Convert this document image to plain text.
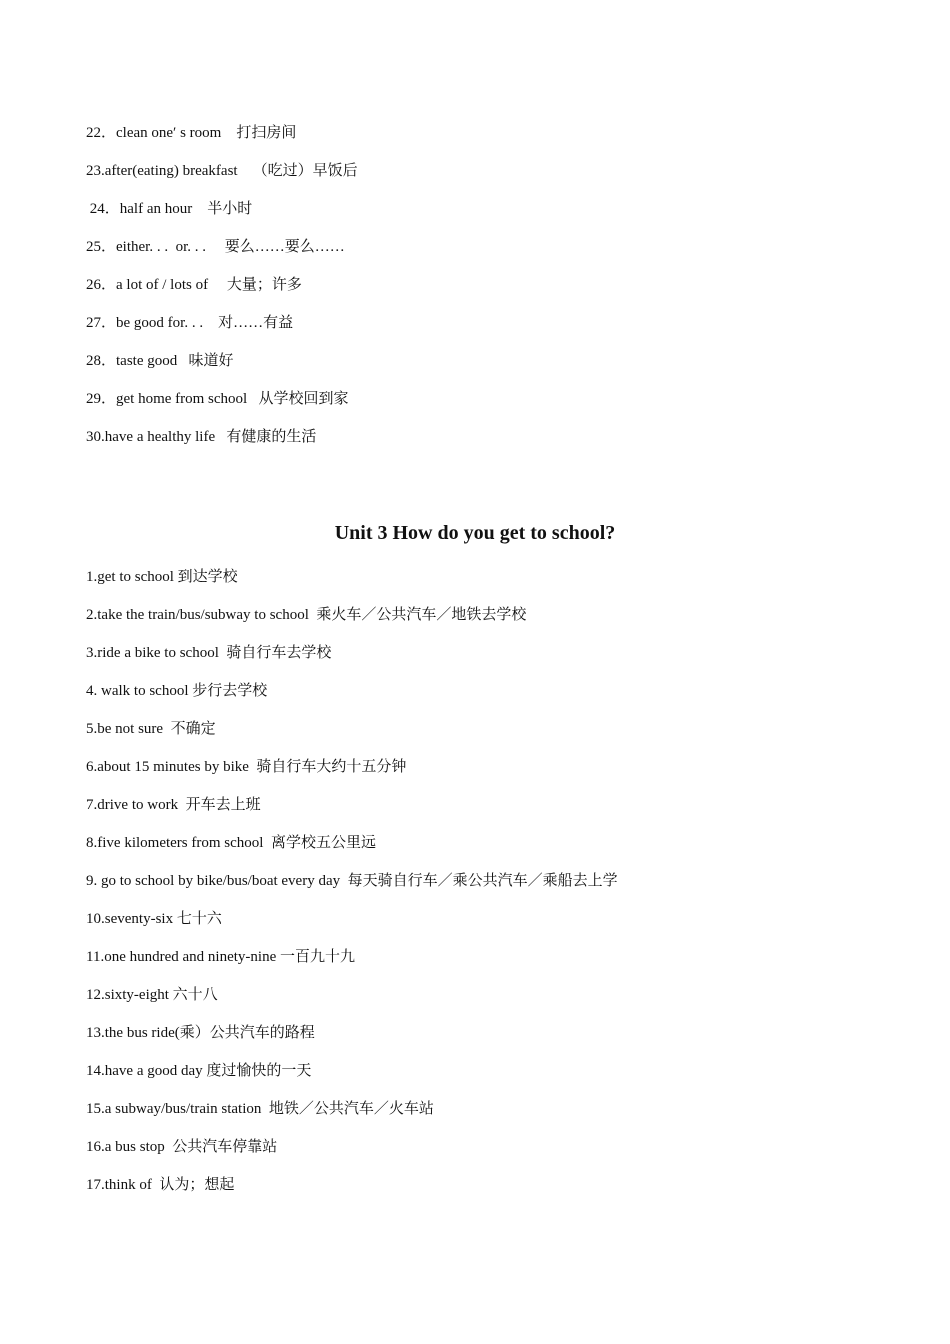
22．clean one′ s room    打扫房间
23.after(eating) breakfast    （吃过）早饭后
24．half an hour    半小时
25．either. . .  or. . .     要么……要么……
26．a lot of / lots of     大量；许多
27．be good for. . .    对……有益
28．taste good   味道好
29．get home from school   从学校回到家
30.have a healthy life   有健康的生活
Unit 3 How do you get to school?
1.get to school 到达学校
2.take the train/bus/subway to school  乘火车／公共汽车／地铁去学校
3.ride a bike to school  骑自行车去学校
4. walk to school 步行去学校
5.be not sure  不确定
6.about 15 minutes by bike  骑自行车大约十五分钟
7.drive to work  开车去上班
8.five kilometers from school  离学校五公里远
9. go to school by bike/bus/boat every day  每天骑自行车／乘公共汽车／乘船去上学
10.seventy-six 七十六
11.one hundred and ninety-nine 一百九十九
12.sixty-eight 六十八
13.the bus ride(乘）公共汽车的路程
14.have a good day 度过愉快的一天
15.a subway/bus/train station  地铁／公共汽车／火车站
16.a bus stop  公共汽车停靠站
17.think of  认为；想起
